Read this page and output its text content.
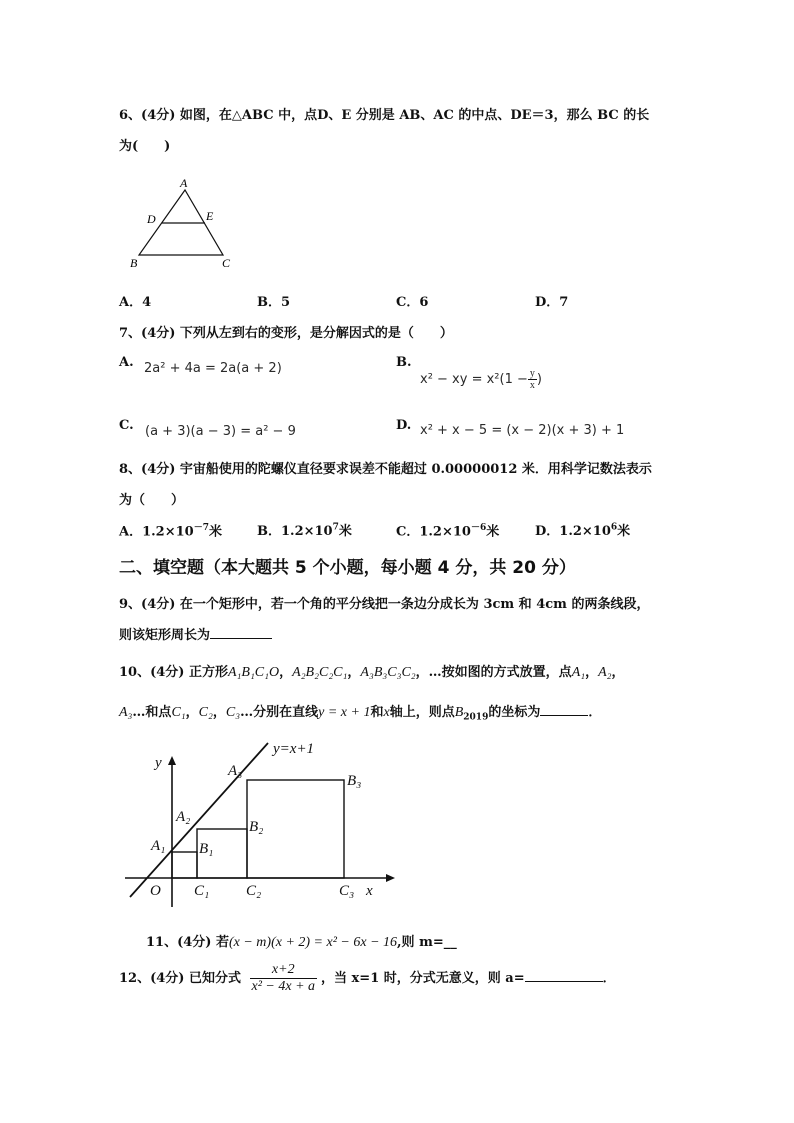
6、(4分) 如图，在△ABC 中，点D、E 分别是 AB、AC 的中点、DE＝3，那么 BC 的长
为(　　)
A
D	E
B	C
A．4	B．5	C．6	D．7
7、(4分) 下列从左到右的变形，是分解因式的是（　　）
A. 2a² + 4a = 2a(a + 2)	B.
x² − xy = $x^2(1 - \frac{y}{x}$ )
C. (a + 3)(a − 3) = a² − 9	D. x² + x − 5 = (x − 2)(x + 3) + 1
8、(4分) 宇宙船使用的陀螺仪直径要求误差不能超过 0.00000012 米．用科学记数法表示
为（　　）
A．$1.2\times 10^{-7}$米	B．$1.2\times 10^7$米	C．$1.2\times 10^{-6}$米	D．$1.2\times 10^6$米
二、填空题（本大题共 5 个小题，每小题 4 分，共 20 分）
9、(4分) 在一个矩形中，若一个角的平分线把一条边分成长为 3cm 和 4cm 的两条线段，
则该矩形周长为
10、(4分) 正方形A₁B₁C₁O，A₂B₂C₂C₁，A₃B₃C₃C₂，…按如图的方式放置，点A₁，A₂，
A₃…和点C₁，C₂，C₃…分别在直线y = x + 1和x轴上，则点$B_{2019}$的坐标为	．
y
x
y=x+1
O
A₁
A₂
A₃
B₁
B₂
B₃
C₁ C₂	C₃
11、(4分) 若(x − m)(x + 2) = x² − 6x − 16,则 m=__
12、(4分) 已知分式 $\frac{x+2}{\text{x² − 4x + a}}$ ，当 x=1 时，分式无意义，则 a=	．
